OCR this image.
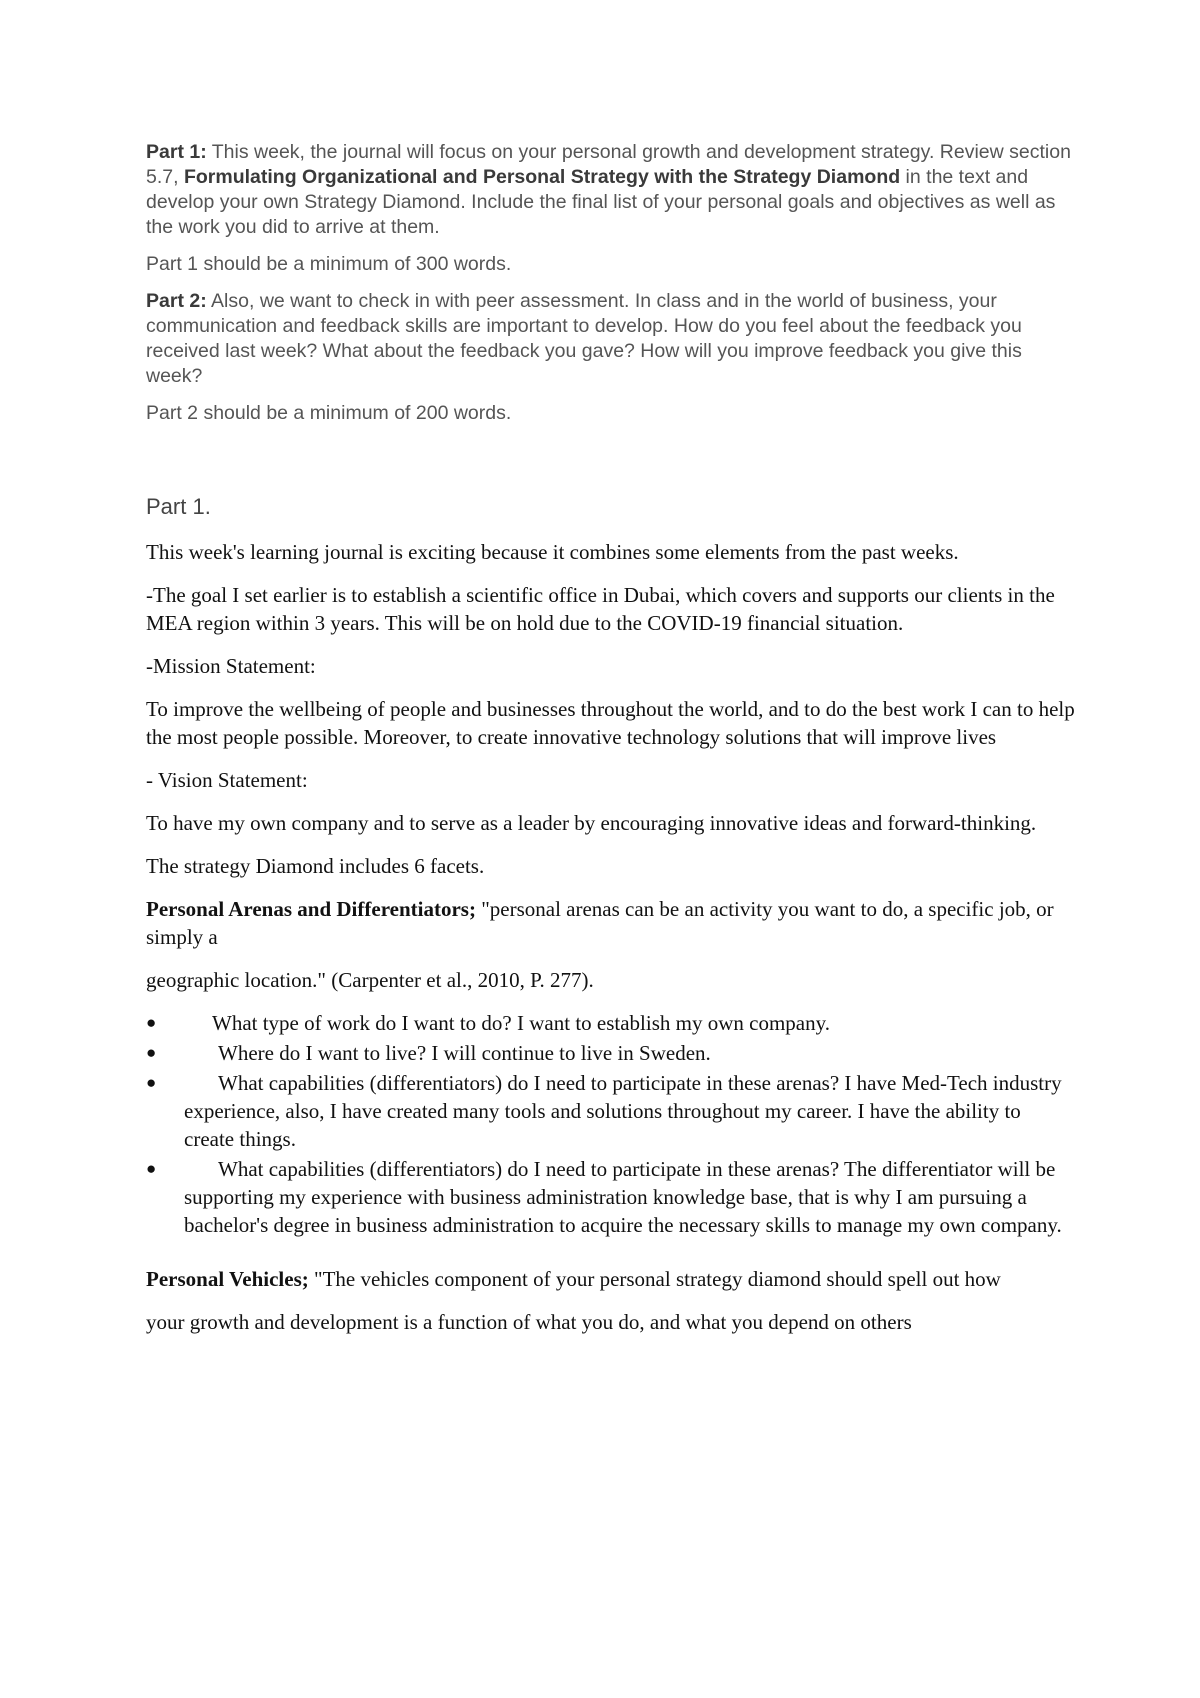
Part 1: This week, the journal will focus on your personal growth and development strategy. Review section 5.7, Formulating Organizational and Personal Strategy with the Strategy Diamond in the text and develop your own Strategy Diamond. Include the final list of your personal goals and objectives as well as the work you did to arrive at them.

Part 1 should be a minimum of 300 words.

Part 2: Also, we want to check in with peer assessment. In class and in the world of business, your communication and feedback skills are important to develop. How do you feel about the feedback you received last week? What about the feedback you gave? How will you improve feedback you give this week?

Part 2 should be a minimum of 200 words.

Part 1.

This week's learning journal is exciting because it combines some elements from the past weeks.

-The goal I set earlier is to establish a scientific office in Dubai, which covers and supports our clients in the MEA region within 3 years. This will be on hold due to the COVID-19 financial situation.

-Mission Statement:

To improve the wellbeing of people and businesses throughout the world, and to do the best work I can to help the most people possible. Moreover, to create innovative technology solutions that will improve lives

- Vision Statement:

To have my own company and to serve as a leader by encouraging innovative ideas and forward-thinking.

The strategy Diamond includes 6 facets.

Personal Arenas and Differentiators; "personal arenas can be an activity you want to do, a specific job, or simply a

geographic location." (Carpenter et al., 2010, P. 277).

●	What type of work do I want to do? I want to establish my own company.
●	Where do I want to live? I will continue to live in Sweden.
●	What capabilities (differentiators) do I need to participate in these arenas? I have Med-Tech industry experience, also, I have created many tools and solutions throughout my career. I have the ability to create things.
●	What capabilities (differentiators) do I need to participate in these arenas? The differentiator will be supporting my experience with business administration knowledge base, that is why I am pursuing a bachelor's degree in business administration to acquire the necessary skills to manage my own company.

Personal Vehicles; "The vehicles component of your personal strategy diamond should spell out how

your growth and development is a function of what you do, and what you depend on others
